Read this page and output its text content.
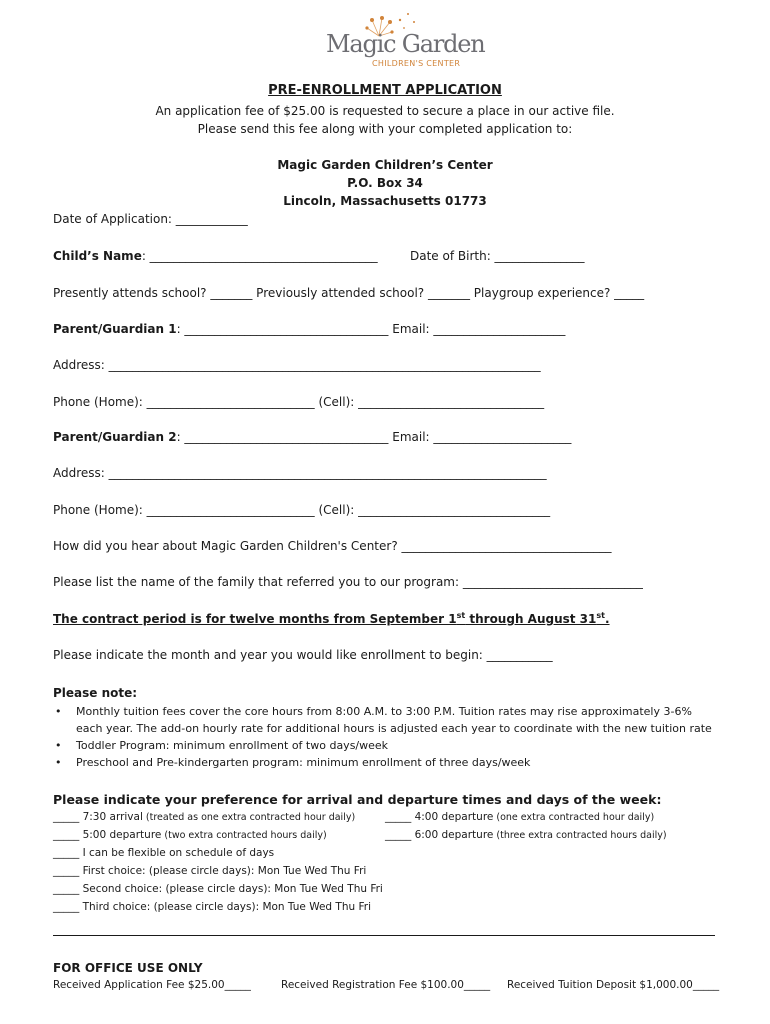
Magic Garden
CHILDREN'S CENTER
PRE-ENROLLMENT APPLICATION
An application fee of $25.00 is requested to secure a place in our active file.
Please send this fee along with your completed application to:
Magic Garden Children’s Center
P.O. Box 34
Lincoln, Massachusetts 01773
Date of Application: ____________
Child’s Name: ______________________________________	Date of Birth: _______________
Presently attends school? _______ Previously attended school? _______ Playgroup experience? _____
Parent/Guardian 1: __________________________________ Email: ______________________
Address: ________________________________________________________________________
Phone (Home): ____________________________ (Cell): _______________________________
Parent/Guardian 2: __________________________________ Email: _______________________
Address: _________________________________________________________________________
Phone (Home): ____________________________ (Cell): ________________________________
How did you hear about Magic Garden Children's Center? ___________________________________
Please list the name of the family that referred you to our program: ______________________________
The contract period is for twelve months from September 1st through August 31st.
Please indicate the month and year you would like enrollment to begin: ___________
Please note:
• Monthly tuition fees cover the core hours from 8:00 A.M. to 3:00 P.M. Tuition rates may rise approximately 3-6% each year. The add-on hourly rate for additional hours is adjusted each year to coordinate with the new tuition rate
• Toddler Program: minimum enrollment of two days/week
• Preschool and Pre-kindergarten program: minimum enrollment of three days/week
Please indicate your preference for arrival and departure times and days of the week:
_____ 7:30 arrival (treated as one extra contracted hour daily)	_____ 4:00 departure (one extra contracted hour daily)
_____ 5:00 departure (two extra contracted hours daily)	_____ 6:00 departure (three extra contracted hours daily)
_____ I can be flexible on schedule of days
_____ First choice: (please circle days): Mon Tue Wed Thu Fri
_____ Second choice: (please circle days): Mon Tue Wed Thu Fri
_____ Third choice: (please circle days): Mon Tue Wed Thu Fri
FOR OFFICE USE ONLY
Received Application Fee $25.00_____	Received Registration Fee $100.00_____ Received Tuition Deposit $1,000.00_____
